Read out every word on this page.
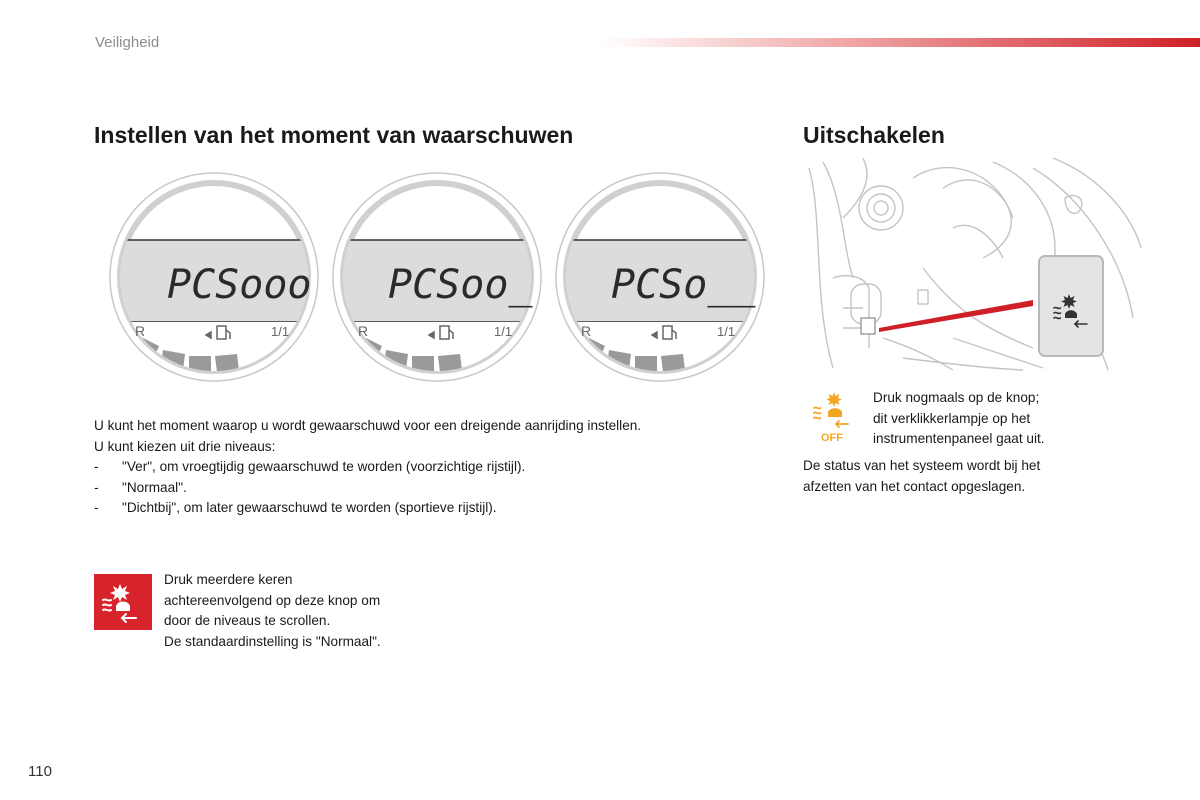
Veiligheid
Instellen van het moment van waarschuwen	Uitschakelen
PCSooo
R	1/1
PCSoo_
R	1/1
PCSo__
R	1/1

U kunt het moment waarop u wordt gewaarschuwd voor een dreigende aanrijding instellen.

U kunt kiezen uit drie niveaus:

- "Ver", om vroegtijdig gewaarschuwd te worden (voorzichtige rijstijl).
- "Normaal".
- "Dichtbij", om later gewaarschuwd te worden (sportieve rijstijl).

Druk meerdere keren

achtereenvolgend op deze knop om

door de niveaus te scrollen.

De standaardinstelling is "Normaal".

OFF

Druk nogmaals op de knop;

dit verklikkerlampje op het

instrumentenpaneel gaat uit.

De status van het systeem wordt bij het

afzetten van het contact opgeslagen.

110
